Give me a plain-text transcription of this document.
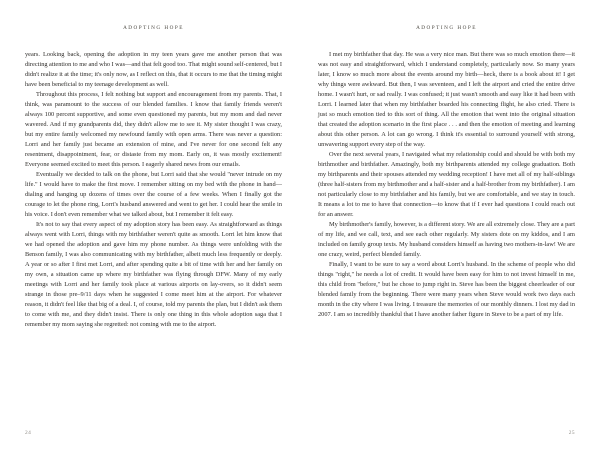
ADOPTING HOPE

years. Looking back, opening the adoption in my teen years gave me another person that was directing attention to me and who I was—and that felt good too. That might sound self-centered, but I didn't realize it at the time; it's only now, as I reflect on this, that it occurs to me that the timing might have been beneficial to my teenage development as well.

Throughout this process, I felt nothing but support and encouragement from my parents. That, I think, was paramount to the success of our blended families. I know that family friends weren't always 100 percent supportive, and some even questioned my parents, but my mom and dad never wavered. And if my grandparents did, they didn't allow me to see it. My sister thought I was crazy, but my entire family welcomed my newfound family with open arms. There was never a question: Lorri and her family just became an extension of mine, and I've never for one second felt any resentment, disappointment, fear, or distaste from my mom. Early on, it was mostly excitement! Everyone seemed excited to meet this person. I eagerly shared news from our emails.

Eventually we decided to talk on the phone, but Lorri said that she would "never intrude on my life." I would have to make the first move. I remember sitting on my bed with the phone in hand—dialing and hanging up dozens of times over the course of a few weeks. When I finally got the courage to let the phone ring, Lorri's husband answered and went to get her. I could hear the smile in his voice. I don't even remember what we talked about, but I remember it felt easy.

It's not to say that every aspect of my adoption story has been easy. As straightforward as things always went with Lorri, things with my birthfather weren't quite as smooth. Lorri let him know that we had opened the adoption and gave him my phone number. As things were unfolding with the Benson family, I was also communicating with my birthfather, albeit much less frequently or deeply. A year or so after I first met Lorri, and after spending quite a bit of time with her and her family on my own, a situation came up where my birthfather was flying through DFW. Many of my early meetings with Lorri and her family took place at various airports on lay-overs, so it didn't seem strange in those pre–9/11 days when he suggested I come meet him at the airport. For whatever reason, it didn't feel like that big of a deal. I, of course, told my parents the plan, but I didn't ask them to come with me, and they didn't insist. There is only one thing in this whole adoption saga that I remember my mom saying she regretted: not coming with me to the airport.

24
ADOPTING HOPE

I met my birthfather that day. He was a very nice man. But there was so much emotion there—it was not easy and straightforward, which I understand completely, particularly now. So many years later, I know so much more about the events around my birth—heck, there is a book about it! I get why things were awkward. But then, I was seventeen, and I left the airport and cried the entire drive home. I wasn't hurt, or sad really. I was confused; it just wasn't smooth and easy like it had been with Lorri. I learned later that when my birthfather boarded his connecting flight, he also cried. There is just so much emotion tied to this sort of thing. All the emotion that went into the original situation that created the adoption scenario in the first place . . . and then the emotion of meeting and learning about this other person. A lot can go wrong. I think it's essential to surround yourself with strong, unwavering support every step of the way.

Over the next several years, I navigated what my relationship could and should be with both my birthmother and birthfather. Amazingly, both my birthparents attended my college graduation. Both my birthparents and their spouses attended my wedding reception! I have met all of my half-siblings (three half-sisters from my birthmother and a half-sister and a half-brother from my birthfather). I am not particularly close to my birthfather and his family, but we are comfortable, and we stay in touch. It means a lot to me to have that connection—to know that if I ever had questions I could reach out for an answer.

My birthmother's family, however, is a different story. We are all extremely close. They are a part of my life, and we call, text, and see each other regularly. My sisters dote on my kiddos, and I am included on family group texts. My husband considers himself as having two mothers-in-law! We are one crazy, weird, perfect blended family.

Finally, I want to be sure to say a word about Lorri's husband. In the scheme of people who did things "right," he needs a lot of credit. It would have been easy for him to not invest himself in me, this child from "before," but he chose to jump right in. Steve has been the biggest cheerleader of our blended family from the beginning. There were many years when Steve would work two days each month in the city where I was living. I treasure the memories of our monthly dinners. I lost my dad in 2007. I am so incredibly thankful that I have another father figure in Steve to be a part of my life.

25
